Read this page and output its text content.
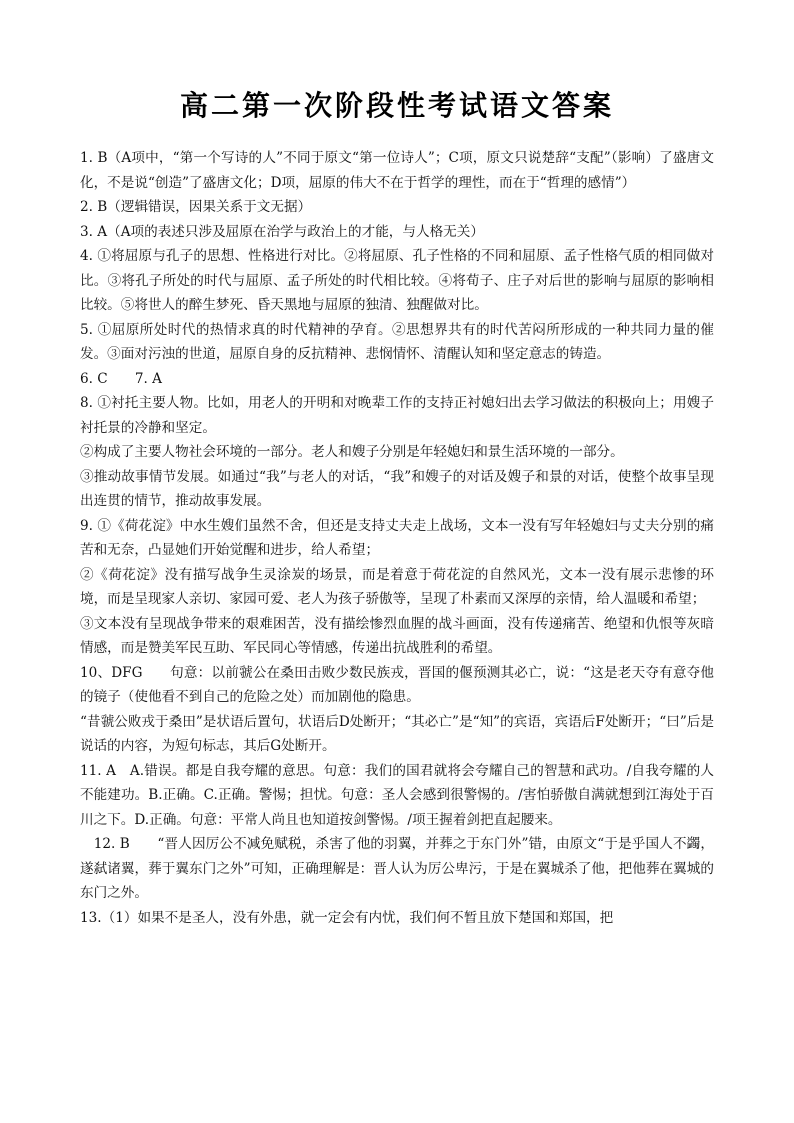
高二第一次阶段性考试语文答案

1. B（A项中，“第一个写诗的人”不同于原文“第一位诗人”；C项，原文只说楚辞“支配”（影响）了盛唐文化，不是说“创造”了盛唐文化；D项，屈原的伟大不在于哲学的理性，而在于“哲理的感情”）

2. B（逻辑错误，因果关系于文无据）

3. A（A项的表述只涉及屈原在治学与政治上的才能，与人格无关）

4. ①将屈原与孔子的思想、性格进行对比。②将屈原、孔子性格的不同和屈原、孟子性格气质的相同做对比。③将孔子所处的时代与屈原、孟子所处的时代相比较。④将荀子、庄子对后世的影响与屈原的影响相比较。⑤将世人的醉生梦死、昏天黑地与屈原的独清、独醒做对比。

5. ①屈原所处时代的热情求真的时代精神的孕育。②思想界共有的时代苦闷所形成的一种共同力量的催发。③面对污浊的世道，屈原自身的反抗精神、悲悯情怀、清醒认知和坚定意志的铸造。

6. C　　7. A

8. ①衬托主要人物。比如，用老人的开明和对晚辈工作的支持正衬媳妇出去学习做法的积极向上；用嫂子衬托景的冷静和坚定。

②构成了主要人物社会环境的一部分。老人和嫂子分别是年轻媳妇和景生活环境的一部分。

③推动故事情节发展。如通过“我”与老人的对话，“我”和嫂子的对话及嫂子和景的对话，使整个故事呈现出连贯的情节，推动故事发展。

9. ①《荷花淀》中水生嫂们虽然不舍，但还是支持丈夫走上战场，文本一没有写年轻媳妇与丈夫分别的痛苦和无奈，凸显她们开始觉醒和进步，给人希望；

②《荷花淀》没有描写战争生灵涂炭的场景，而是着意于荷花淀的自然风光，文本一没有展示悲惨的环境，而是呈现家人亲切、家园可爱、老人为孩子骄傲等，呈现了朴素而又深厚的亲情，给人温暖和希望；

③文本没有呈现战争带来的艰难困苦，没有描绘惨烈血腥的战斗画面，没有传递痛苦、绝望和仇恨等灰暗情感，而是赞美军民互助、军民同心等情感，传递出抗战胜利的希望。

10、DFG　　句意：以前虢公在桑田击败少数民族戎，晋国的偃预测其必亡，说：“这是老天夺有意夺他的镜子（使他看不到自己的危险之处）而加剧他的隐患。

“昔虢公败戎于桑田”是状语后置句，状语后D处断开；“其必亡”是“知”的宾语，宾语后F处断开；“曰”后是说话的内容，为短句标志，其后G处断开。

11. A　A.错误。都是自我夸耀的意思。句意：我们的国君就将会夸耀自己的智慧和武功。/自我夸耀的人不能建功。B.正确。C.正确。警惕；担忧。句意：圣人会感到很警惕的。/害怕骄傲自满就想到江海处于百川之下。D.正确。句意：平常人尚且也知道按剑警惕。/项王握着剑把直起腰来。

　12. B　　“晋人因厉公不减免赋税，杀害了他的羽翼，并葬之于东门外”错，由原文“于是乎国人不蠲，遂弑诸翼，葬于翼东门之外”可知，正确理解是：晋人认为厉公卑污，于是在翼城杀了他，把他葬在翼城的东门之外。

13.（1）如果不是圣人，没有外患，就一定会有内忧，我们何不暂且放下楚国和郑国，把
